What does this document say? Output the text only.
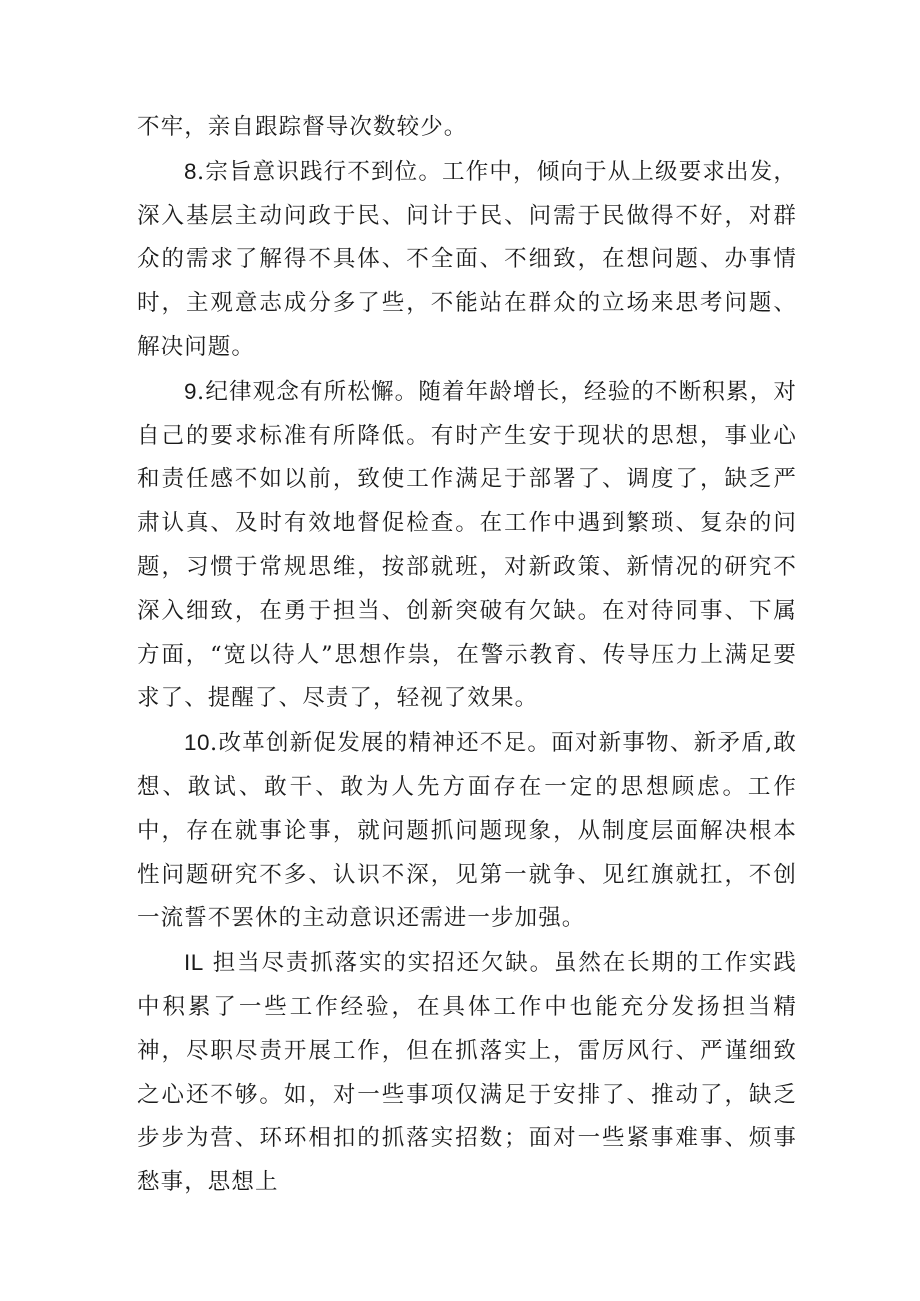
不牢，亲自跟踪督导次数较少。

8.宗旨意识践行不到位。工作中，倾向于从上级要求出发，深入基层主动问政于民、问计于民、问需于民做得不好，对群众的需求了解得不具体、不全面、不细致，在想问题、办事情时，主观意志成分多了些，不能站在群众的立场来思考问题、解决问题。

9.纪律观念有所松懈。随着年龄增长，经验的不断积累，对自己的要求标准有所降低。有时产生安于现状的思想，事业心和责任感不如以前，致使工作满足于部署了、调度了，缺乏严肃认真、及时有效地督促检查。在工作中遇到繁琐、复杂的问题，习惯于常规思维，按部就班，对新政策、新情况的研究不深入细致，在勇于担当、创新突破有欠缺。在对待同事、下属方面，“宽以待人”思想作祟，在警示教育、传导压力上满足要求了、提醒了、尽责了，轻视了效果。

10.改革创新促发展的精神还不足。面对新事物、新矛盾,敢想、敢试、敢干、敢为人先方面存在一定的思想顾虑。工作中，存在就事论事，就问题抓问题现象，从制度层面解决根本性问题研究不多、认识不深，见第一就争、见红旗就扛，不创一流誓不罢休的主动意识还需进一步加强。

IL 担当尽责抓落实的实招还欠缺。虽然在长期的工作实践中积累了一些工作经验，在具体工作中也能充分发扬担当精神，尽职尽责开展工作，但在抓落实上，雷厉风行、严谨细致之心还不够。如，对一些事项仅满足于安排了、推动了，缺乏步步为营、环环相扣的抓落实招数；面对一些紧事难事、烦事愁事，思想上
